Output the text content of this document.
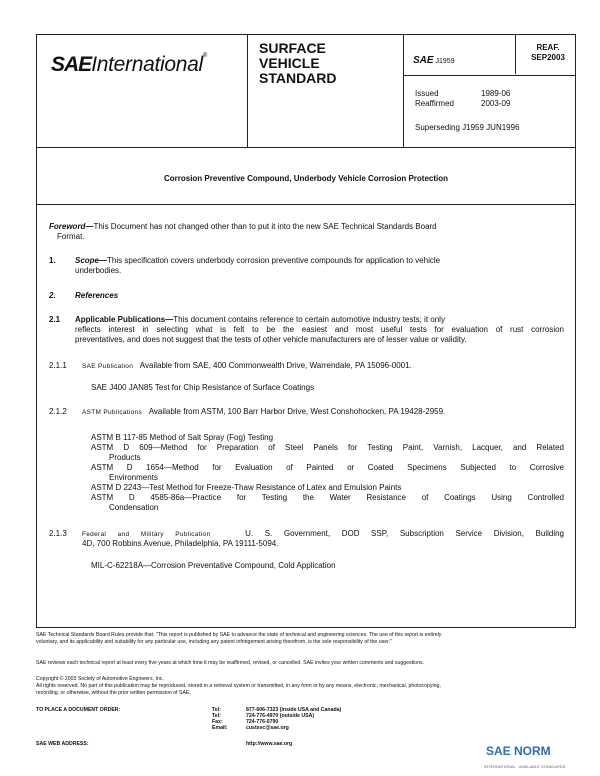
SAEInternational®	SURFACE
VEHICLE
STANDARD
SAE J1959
REAF.
SEP2003
Issued	1989-06
Reaffirmed	2003-09
Superseding J1959 JUN1996
Corrosion Preventive Compound, Underbody Vehicle Corrosion Protection
Foreword—This Document has not changed other than to put it into the new SAE Technical Standards Board
Format.
1. Scope—This specification covers underbody corrosion preventive compounds for application to vehicle
underbodies.
2. References
2.1 Applicable Publications—This document contains reference to certain automotive industry tests; it only
reflects interest in selecting what is felt to be the easiest and most useful tests for evaluation of rust corrosion
preventatives, and does not suggest that the tests of other vehicle manufacturers are of lesser value or validity.
2.1.1 SAE Publication Available from SAE, 400 Commonwealth Drive, Warrendale, PA 15096-0001.
SAE J400 JAN85 Test for Chip Resistance of Surface Coatings
2.1.2 ASTM Publications Available from ASTM, 100 Barr Harbor Drive, West Conshohocken, PA 19428-2959.
ASTM B 117-85 Method of Salt Spray (Fog) Testing
ASTM D 609—Method for Preparation of Steel Panels for Testing Paint, Varnish, Lacquer, and Related
Products
ASTM D 1654—Method for Evaluation of Painted or Coated Specimens Subjected to Corrosive
Environments
ASTM D 2243—Test Method for Freeze-Thaw Resistance of Latex and Emulsion Paints
ASTM D 4585-86a—Practice for Testing the Water Resistance of Coatings Using Controlled
Condensation
2.1.3 Federal and Military Publication	U. S. Government, DOD SSP, Subscription Service Division, Building
4D, 700 Robbins Avenue, Philadelphia, PA 19111-5094.
MIL-C-62218A—Corrosion Preventative Compound, Cold Application
SAE Technical Standards Board Rules provide that: "This report is published by SAE to advance the state of technical and engineering sciences. The use of this report is entirely
voluntary, and its applicability and suitability for any particular use, including any patent infringement arising therefrom, is the sole responsibility of the user."
SAE reviews each technical report at least every five years at which time it may be reaffirmed, revised, or cancelled. SAE invites your written comments and suggestions.
Copyright © 2003 Society of Automotive Engineers, Inc.
All rights reserved. No part of this publication may be reproduced, stored in a retrieval system or transmitted, in any form or by any means, electronic, mechanical, photocopying,
recording, or otherwise, without the prior written permission of SAE.
TO PLACE A DOCUMENT ORDER:	Tel:	877-606-7323 (inside USA and Canada)
Tel:	724-776-4970 (outside USA)
Fax:	724-776-0790
Email:	custsvc@sae.org
SAE WEB ADDRESS:	http://www.sae.org	SAE NORM
INTERNATIONAL · AVAILABLE STANDARDS
